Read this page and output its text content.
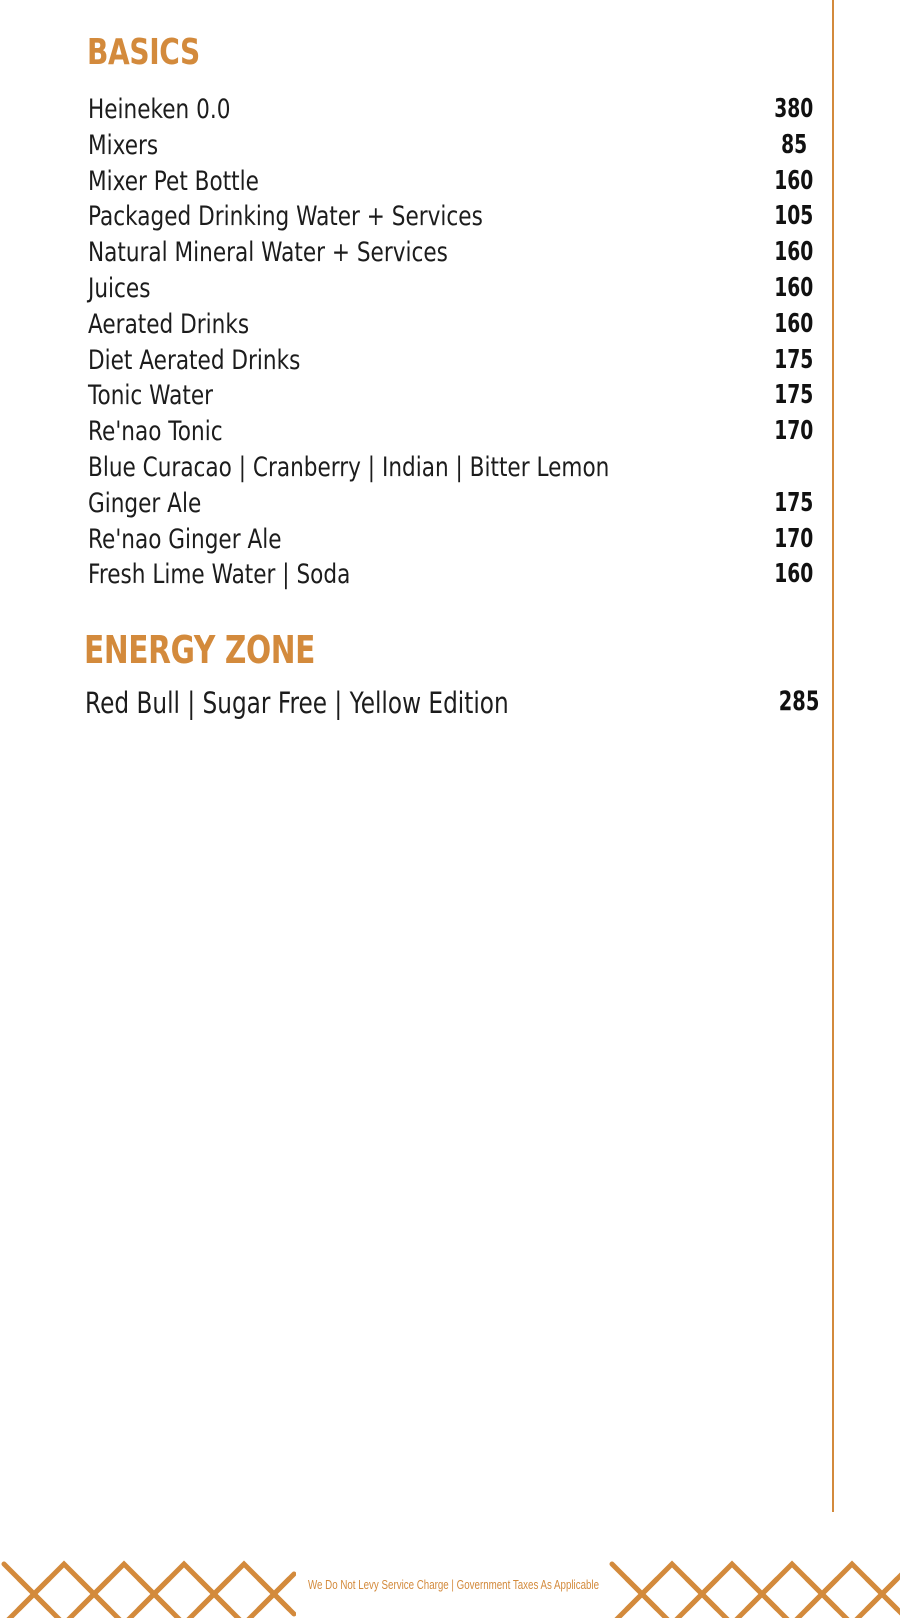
BASICS
Heineken 0.0	380
Mixers	85
Mixer Pet Bottle	160
Packaged Drinking Water + Services	105
Natural Mineral Water + Services	160
Juices	160
Aerated Drinks	160
Diet Aerated Drinks	175
Tonic Water	175
Re'nao Tonic	170
Blue Curacao | Cranberry | Indian | Bitter Lemon
Ginger Ale	175
Re'nao Ginger Ale	170
Fresh Lime Water | Soda	160
ENERGY ZONE
Red Bull | Sugar Free | Yellow Edition	285
We Do Not Levy Service Charge | Government Taxes As Applicable
